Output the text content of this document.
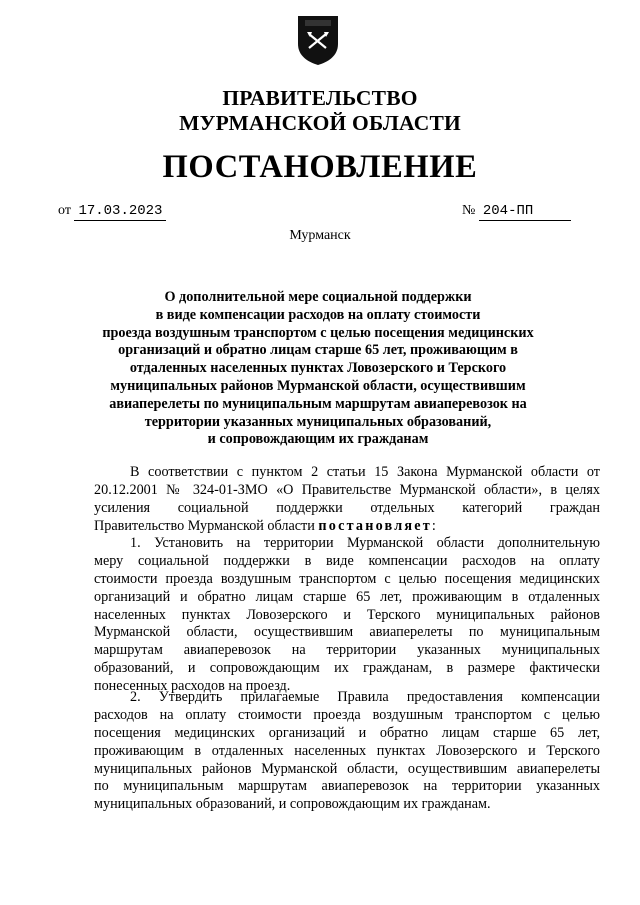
ПРАВИТЕЛЬСТВО
МУРМАНСКОЙ ОБЛАСТИ
ПОСТАНОВЛЕНИЕ
от 17.03.2023	№ 204-ПП
Мурманск
О дополнительной мере социальной поддержки
в виде компенсации расходов на оплату стоимости
проезда воздушным транспортом с целью посещения медицинских
организаций и обратно лицам старше 65 лет, проживающим в
отдаленных населенных пунктах Ловозерского и Терского
муниципальных районов Мурманской области, осуществившим
авиаперелеты по муниципальным маршрутам авиаперевозок на
территории указанных муниципальных образований,
и сопровождающим их гражданам
В соответствии с пунктом 2 статьи 15 Закона Мурманской области от
20.12.2001 № 324-01-ЗМО «О Правительстве Мурманской области», в целях
усиления социальной поддержки отдельных категорий граждан
Правительство Мурманской области постановляет:
1. Установить на территории Мурманской области дополнительную
меру социальной поддержки в виде компенсации расходов на оплату
стоимости проезда воздушным транспортом с целью посещения медицинских
организаций и обратно лицам старше 65 лет, проживающим в отдаленных
населенных пунктах Ловозерского и Терского муниципальных районов
Мурманской области, осуществившим авиаперелеты по муниципальным
маршрутам авиаперевозок на территории указанных муниципальных
образований, и сопровождающим их гражданам, в размере фактически
понесенных расходов на проезд.
2. Утвердить прилагаемые Правила предоставления компенсации
расходов на оплату стоимости проезда воздушным транспортом с целью
посещения медицинских организаций и обратно лицам старше 65 лет,
проживающим в отдаленных населенных пунктах Ловозерского и Терского
муниципальных районов Мурманской области, осуществившим авиаперелеты
по муниципальным маршрутам авиаперевозок на территории указанных
муниципальных образований, и сопровождающим их гражданам.
